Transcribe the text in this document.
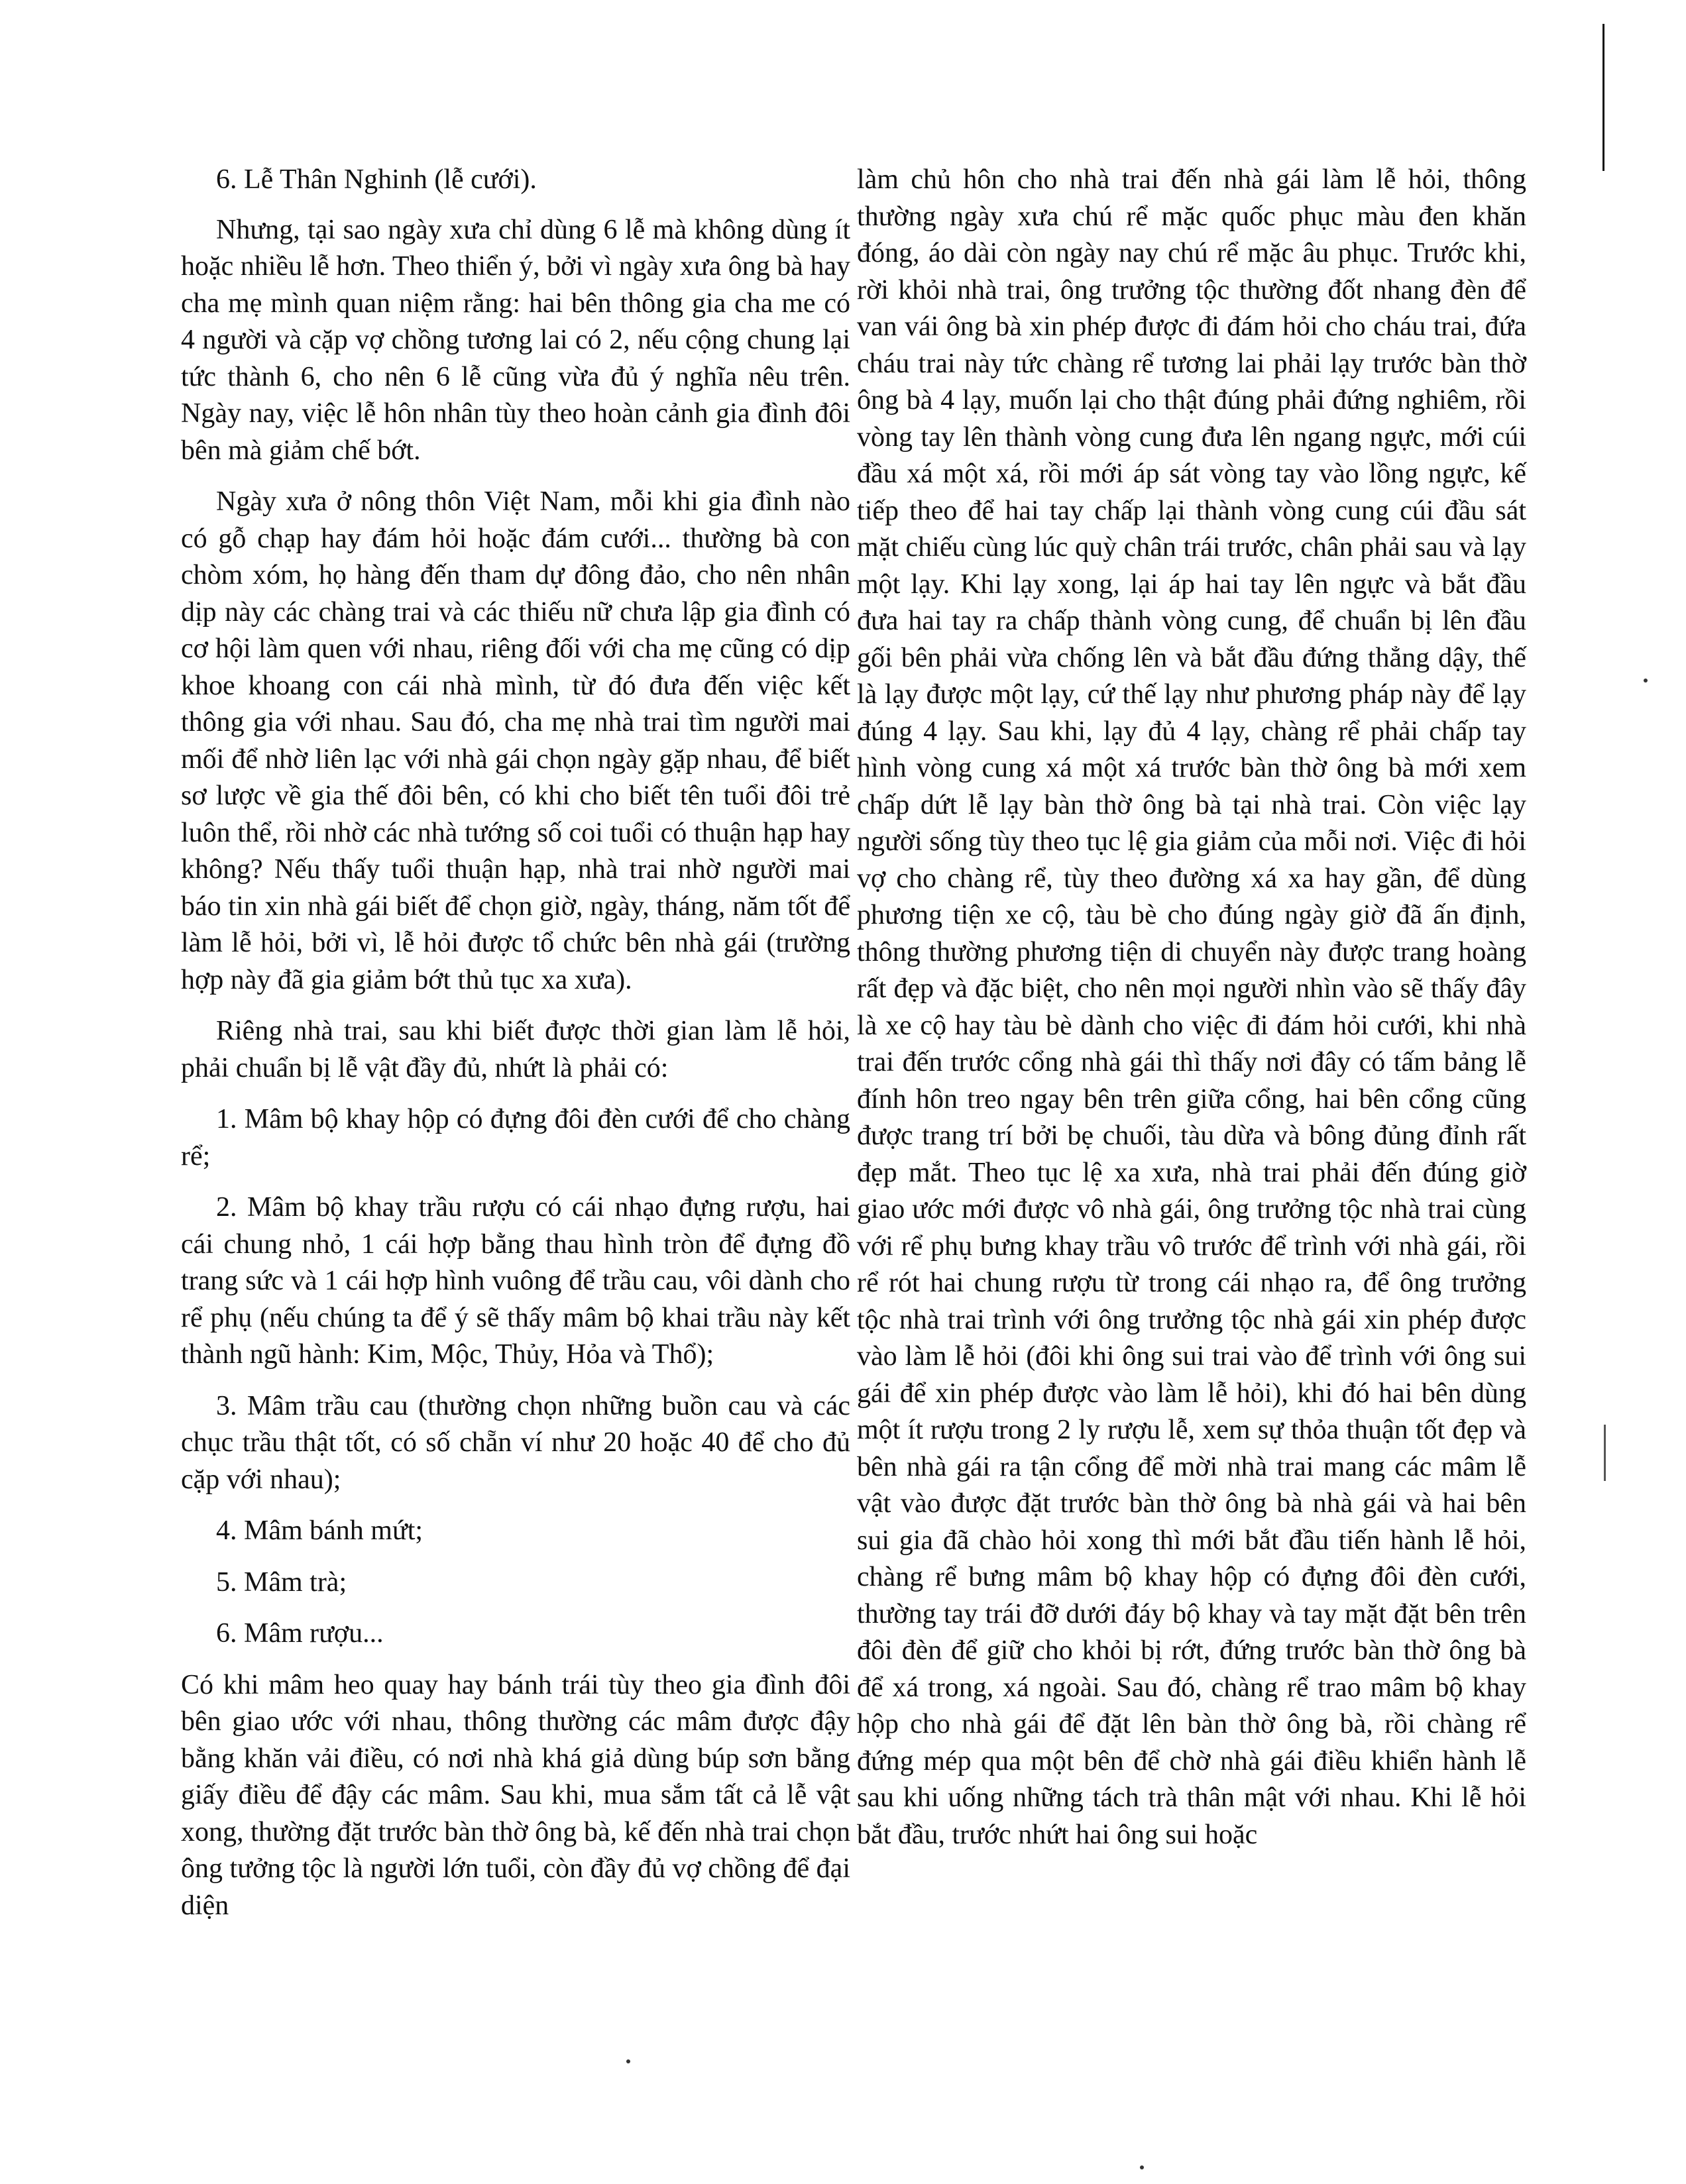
6. Lễ Thân Nghinh (lễ cưới).

Nhưng, tại sao ngày xưa chỉ dùng 6 lễ mà không dùng ít hoặc nhiều lễ hơn. Theo thiển ý, bởi vì ngày xưa ông bà hay cha mẹ mình quan niệm rằng: hai bên thông gia cha me có 4 người và cặp vợ chồng tương lai có 2, nếu cộng chung lại tức thành 6, cho nên 6 lễ cũng vừa đủ ý nghĩa nêu trên. Ngày nay, việc lễ hôn nhân tùy theo hoàn cảnh gia đình đôi bên mà giảm chế bớt.

Ngày xưa ở nông thôn Việt Nam, mỗi khi gia đình nào có gỗ chạp hay đám hỏi hoặc đám cưới... thường bà con chòm xóm, họ hàng đến tham dự đông đảo, cho nên nhân dịp này các chàng trai và các thiếu nữ chưa lập gia đình có cơ hội làm quen với nhau, riêng đối với cha mẹ cũng có dịp khoe khoang con cái nhà mình, từ đó đưa đến việc kết thông gia với nhau. Sau đó, cha mẹ nhà trai tìm người mai mối để nhờ liên lạc với nhà gái chọn ngày gặp nhau, để biết sơ lược về gia thế đôi bên, có khi cho biết tên tuổi đôi trẻ luôn thể, rồi nhờ các nhà tướng số coi tuổi có thuận hạp hay không? Nếu thấy tuổi thuận hạp, nhà trai nhờ người mai báo tin xin nhà gái biết để chọn giờ, ngày, tháng, năm tốt để làm lễ hỏi, bởi vì, lễ hỏi được tổ chức bên nhà gái (trường hợp này đã gia giảm bớt thủ tục xa xưa).

Riêng nhà trai, sau khi biết được thời gian làm lễ hỏi, phải chuẩn bị lễ vật đầy đủ, nhứt là phải có:

1. Mâm bộ khay hộp có đựng đôi đèn cưới để cho chàng rể;

2. Mâm bộ khay trầu rượu có cái nhạo đựng rượu, hai cái chung nhỏ, 1 cái hợp bằng thau hình tròn để đựng đồ trang sức và 1 cái hợp hình vuông để trầu cau, vôi dành cho rể phụ (nếu chúng ta để ý sẽ thấy mâm bộ khai trầu này kết thành ngũ hành: Kim, Mộc, Thủy, Hỏa và Thổ);

3. Mâm trầu cau (thường chọn những buồn cau và các chục trầu thật tốt, có số chẵn ví như 20 hoặc 40 để cho đủ cặp với nhau);

4. Mâm bánh mứt;

5. Mâm trà;

6. Mâm rượu...

Có khi mâm heo quay hay bánh trái tùy theo gia đình đôi bên giao ước với nhau, thông thường các mâm được đậy bằng khăn vải điều, có nơi nhà khá giả dùng búp sơn bằng giấy điều để đậy các mâm. Sau khi, mua sắm tất cả lễ vật xong, thường đặt trước bàn thờ ông bà, kế đến nhà trai chọn ông tưởng tộc là người lớn tuổi, còn đầy đủ vợ chồng để đại diện

làm chủ hôn cho nhà trai đến nhà gái làm lễ hỏi, thông thường ngày xưa chú rể mặc quốc phục màu đen khăn đóng, áo dài còn ngày nay chú rể mặc âu phục. Trước khi, rời khỏi nhà trai, ông trưởng tộc thường đốt nhang đèn để van vái ông bà xin phép được đi đám hỏi cho cháu trai, đứa cháu trai này tức chàng rể tương lai phải lạy trước bàn thờ ông bà 4 lạy, muốn lại cho thật đúng phải đứng nghiêm, rồi vòng tay lên thành vòng cung đưa lên ngang ngực, mới cúi đầu xá một xá, rồi mới áp sát vòng tay vào lồng ngực, kế tiếp theo để hai tay chấp lại thành vòng cung cúi đầu sát mặt chiếu cùng lúc quỳ chân trái trước, chân phải sau và lạy một lạy. Khi lạy xong, lại áp hai tay lên ngực và bắt đầu đưa hai tay ra chấp thành vòng cung, để chuẩn bị lên đầu gối bên phải vừa chống lên và bắt đầu đứng thẳng dậy, thế là lạy được một lạy, cứ thế lạy như phương pháp này để lạy đúng 4 lạy. Sau khi, lạy đủ 4 lạy, chàng rể phải chấp tay hình vòng cung xá một xá trước bàn thờ ông bà mới xem chấp dứt lễ lạy bàn thờ ông bà tại nhà trai. Còn việc lạy người sống tùy theo tục lệ gia giảm của mỗi nơi. Việc đi hỏi vợ cho chàng rể, tùy theo đường xá xa hay gần, để dùng phương tiện xe cộ, tàu bè cho đúng ngày giờ đã ấn định, thông thường phương tiện di chuyển này được trang hoàng rất đẹp và đặc biệt, cho nên mọi người nhìn vào sẽ thấy đây là xe cộ hay tàu bè dành cho việc đi đám hỏi cưới, khi nhà trai đến trước cổng nhà gái thì thấy nơi đây có tấm bảng lễ đính hôn treo ngay bên trên giữa cổng, hai bên cổng cũng được trang trí bởi bẹ chuối, tàu dừa và bông đủng đỉnh rất đẹp mắt. Theo tục lệ xa xưa, nhà trai phải đến đúng giờ giao ước mới được vô nhà gái, ông trưởng tộc nhà trai cùng với rể phụ bưng khay trầu vô trước để trình với nhà gái, rồi rể rót hai chung rượu từ trong cái nhạo ra, để ông trưởng tộc nhà trai trình với ông trưởng tộc nhà gái xin phép được vào làm lễ hỏi (đôi khi ông sui trai vào để trình với ông sui gái để xin phép được vào làm lễ hỏi), khi đó hai bên dùng một ít rượu trong 2 ly rượu lễ, xem sự thỏa thuận tốt đẹp và bên nhà gái ra tận cổng để mời nhà trai mang các mâm lễ vật vào được đặt trước bàn thờ ông bà nhà gái và hai bên sui gia đã chào hỏi xong thì mới bắt đầu tiến hành lễ hỏi, chàng rể bưng mâm bộ khay hộp có đựng đôi đèn cưới, thường tay trái đỡ dưới đáy bộ khay và tay mặt đặt bên trên đôi đèn để giữ cho khỏi bị rớt, đứng trước bàn thờ ông bà để xá trong, xá ngoài. Sau đó, chàng rể trao mâm bộ khay hộp cho nhà gái để đặt lên bàn thờ ông bà, rồi chàng rể đứng mép qua một bên để chờ nhà gái điều khiển hành lễ sau khi uống những tách trà thân mật với nhau. Khi lễ hỏi bắt đầu, trước nhứt hai ông sui hoặc
